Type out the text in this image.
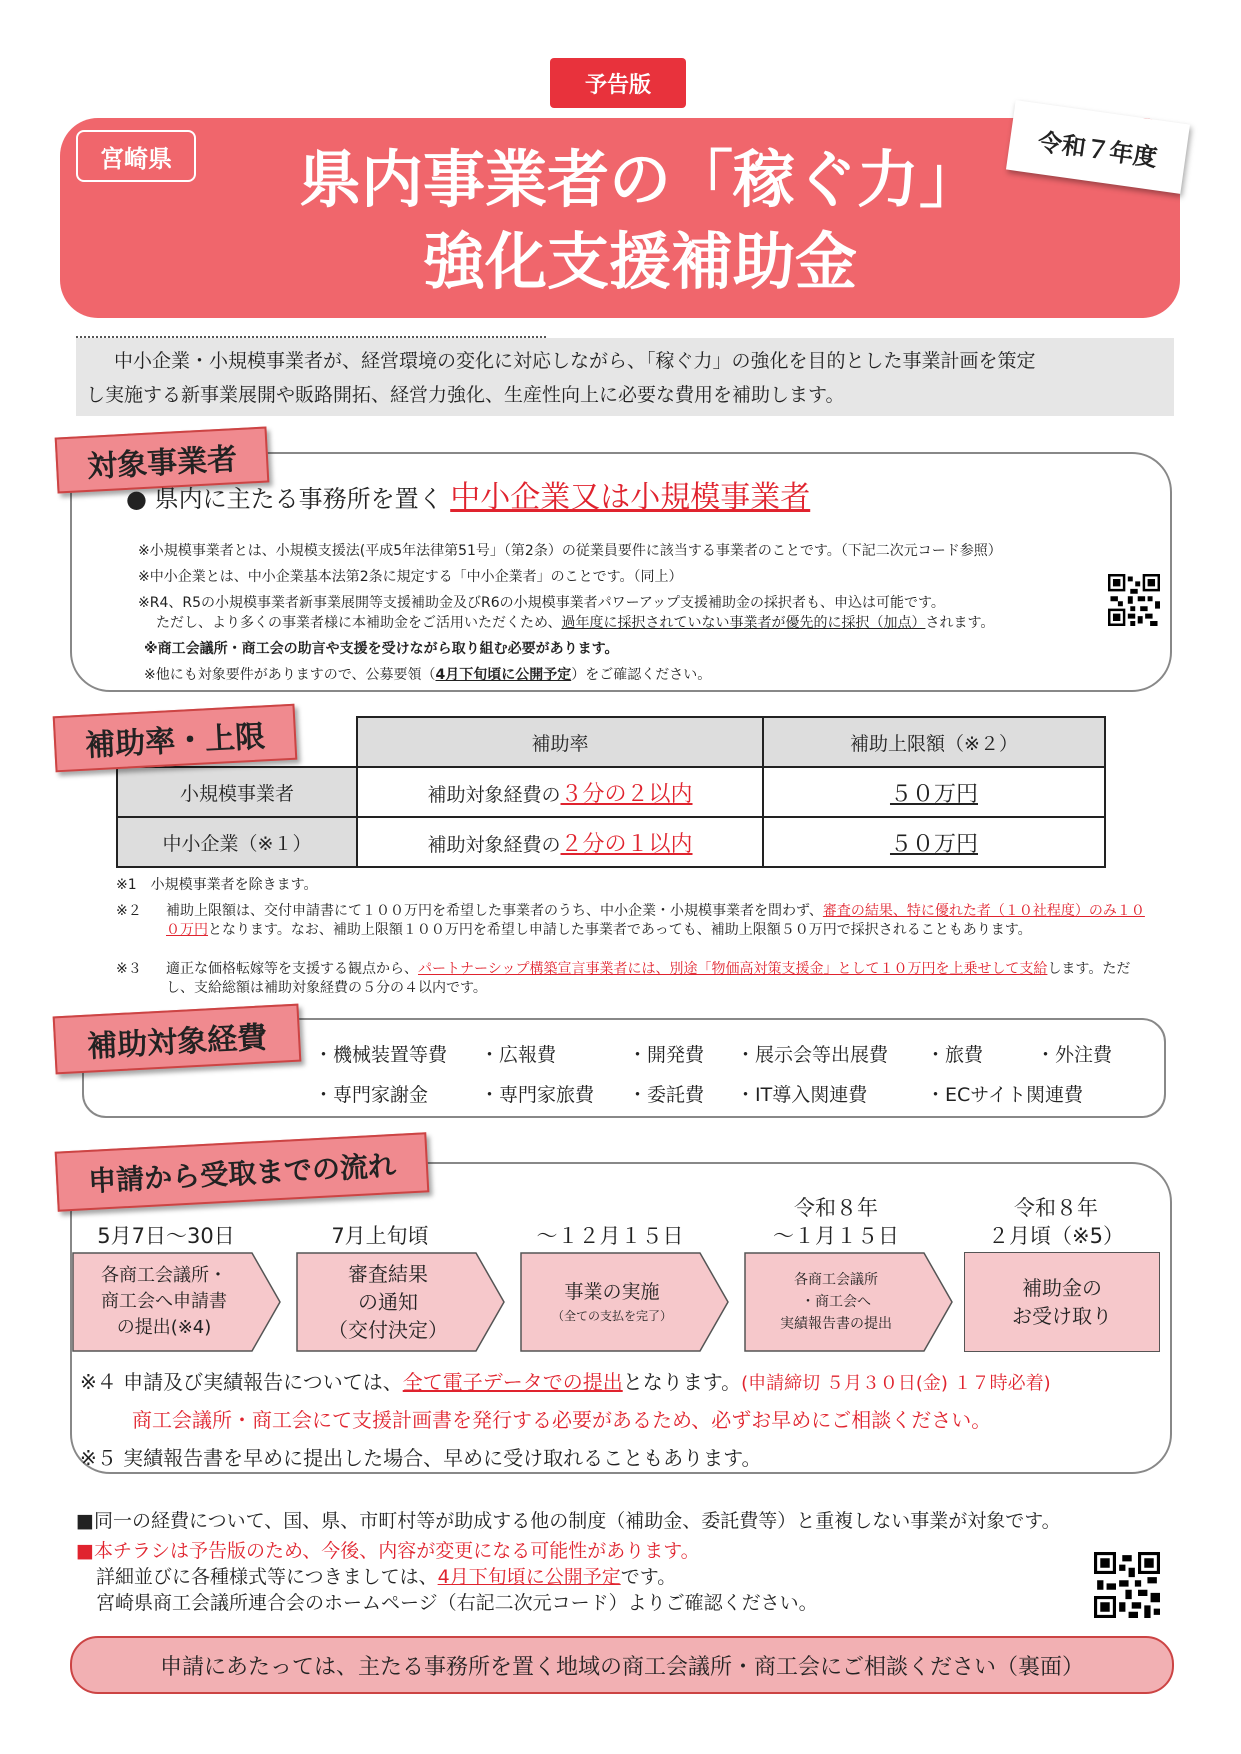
予告版
宮崎県	県内事業者の「稼ぐ力」
強化支援補助金
令和７年度
中小企業・小規模事業者が、経営環境の変化に対応しながら、「稼ぐ力」の強化を目的とした事業計画を策定
し実施する新事業展開や販路開拓、経営力強化、生産性向上に必要な費用を補助します。
対象事業者
● 県内に主たる事務所を置く 中小企業又は小規模事業者
※小規模事業者とは、小規模支援法(平成5年法律第51号」（第2条）の従業員要件に該当する事業者のことです。（下記二次元コード参照）
※中小企業とは、中小企業基本法第2条に規定する「中小企業者」のことです。（同上）
※R4、R5の小規模事業者新事業展開等支援補助金及びR6の小規模事業者パワーアップ支援補助金の採択者も、申込は可能です。
ただし、より多くの事業者様に本補助金をご活用いただくため、過年度に採択されていない事業者が優先的に採択（加点）されます。
※商工会議所・商工会の助言や支援を受けながら取り組む必要があります。
※他にも対象要件がありますので、公募要領（4月下旬頃に公開予定）をご確認ください。
	補助率	補助上限額（※２）
小規模事業者	補助対象経費の３分の２以内	５０万円
中小企業（※１）	補助対象経費の２分の１以内	５０万円
補助率・上限
※1　小規模事業者を除きます。
※２ 補助上限額は、交付申請書にて１００万円を希望した事業者のうち、中小企業・小規模事業者を問わず、審査の結果、特に優れた者（１０社程度）のみ１００万円となります。なお、補助上限額１００万円を希望し申請した事業者であっても、補助上限額５０万円で採択されることもあります。
※３ 適正な価格転嫁等を支援する観点から、パートナーシップ構築宣言事業者には、別途「物価高対策支援金」として１０万円を上乗せして支給します。ただし、支給総額は補助対象経費の５分の４以内です。
補助対象経費	・機械装置等費 ・広報費	・開発費 ・展示会等出展費 ・旅費	・外注費
・専門家謝金	・専門家旅費 ・委託費 ・IT導入関連費	・ECサイト関連費
申請から受取までの流れ
5月7日～30日	7月上旬頃	～１２月１５日
令和８年
～１月１５日
令和８年
２月頃（※5）
各商工会議所・
商工会へ申請書
の提出(※4)
審査結果
の通知
（交付決定）
事業の実施
（全ての支払を完了）
各商工会議所
・商工会へ
実績報告書の提出
補助金の
お受け取り
※４ 申請及び実績報告については、全て電子データでの提出となります。(申請締切 ５月３０日(金) １７時必着)
商工会議所・商工会にて支援計画書を発行する必要があるため、必ずお早めにご相談ください。
※５ 実績報告書を早めに提出した場合、早めに受け取れることもあります。
■同一の経費について、国、県、市町村等が助成する他の制度（補助金、委託費等）と重複しない事業が対象です。
■本チラシは予告版のため、今後、内容が変更になる可能性があります。
詳細並びに各種様式等につきましては、4月下旬頃に公開予定です。
宮崎県商工会議所連合会のホームページ（右記二次元コード）よりご確認ください。
申請にあたっては、主たる事務所を置く地域の商工会議所・商工会にご相談ください（裏面）
